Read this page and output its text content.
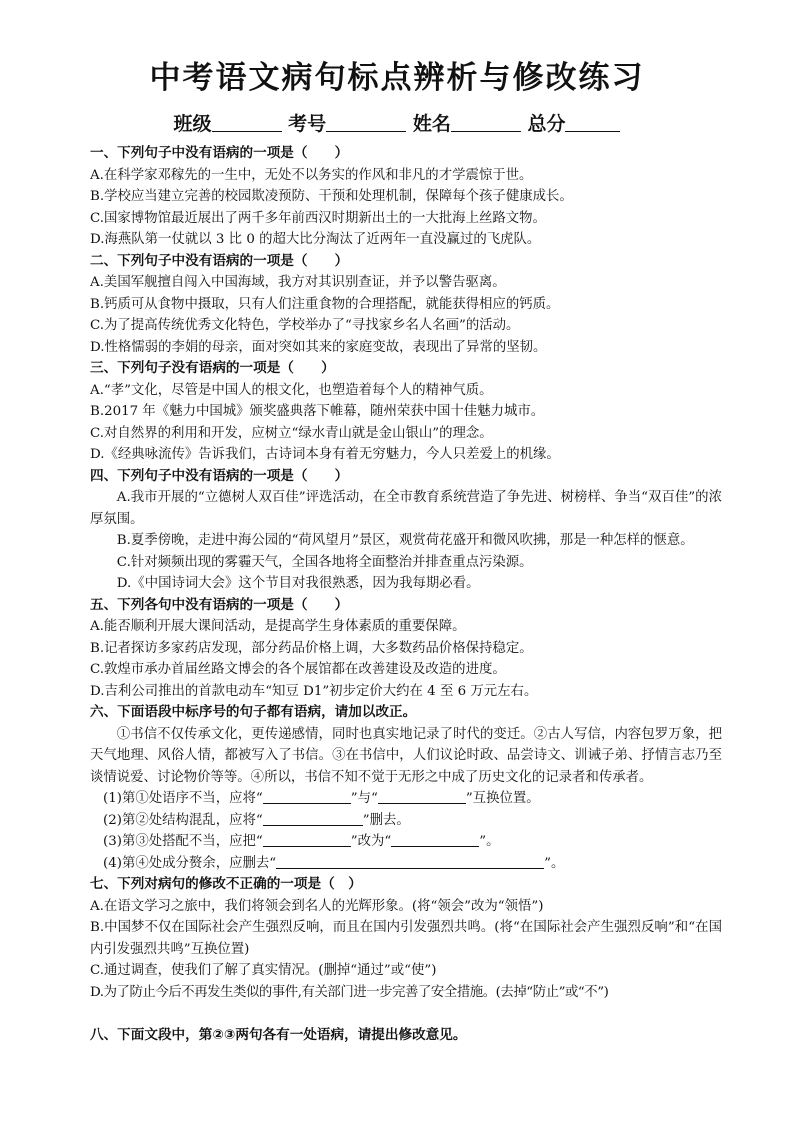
中考语文病句标点辨析与修改练习
班级	考号	姓名	总分
一、下列句子中没有语病的一项是（　　）
A.在科学家邓稼先的一生中，无处不以务实的作风和非凡的才学震惊于世。
B.学校应当建立完善的校园欺凌预防、干预和处理机制，保障每个孩子健康成长。
C.国家博物馆最近展出了两千多年前西汉时期新出土的一大批海上丝路文物。
D.海燕队第一仗就以 3 比 0 的超大比分淘汰了近两年一直没赢过的飞虎队。
二、下列句子中没有语病的一项是（　　）
A.美国军舰擅自闯入中国海域，我方对其识别查证，并予以警告驱离。
B.钙质可从食物中摄取，只有人们注重食物的合理搭配，就能获得相应的钙质。
C.为了提高传统优秀文化特色，学校举办了“寻找家乡名人名画”的活动。
D.性格懦弱的李娟的母亲，面对突如其来的家庭变故，表现出了异常的坚韧。
三、下列句子没有语病的一项是（　　）
A.“孝”文化，尽管是中国人的根文化，也塑造着每个人的精神气质。
B.2017 年《魅力中国城》颁奖盛典落下帷幕，随州荣获中国十佳魅力城市。
C.对自然界的利用和开发，应树立“绿水青山就是金山银山”的理念。
D.《经典咏流传》告诉我们，古诗词本身有着无穷魅力，今人只差爱上的机缘。
四、下列句子中没有语病的一项是（　　）
A.我市开展的“立德树人双百佳”评选活动，在全市教育系统营造了争先进、树榜样、争当“双百佳”的浓厚氛围。
B.夏季傍晚，走进中海公园的“荷风望月”景区，观赏荷花盛开和微风吹拂，那是一种怎样的惬意。
C.针对频频出现的雾霾天气，全国各地将全面整治并排查重点污染源。
D.《中国诗词大会》这个节目对我很熟悉，因为我每期必看。
五、下列各句中没有语病的一项是（　　）
A.能否顺利开展大课间活动，是提高学生身体素质的重要保障。
B.记者探访多家药店发现，部分药品价格上调，大多数药品价格保持稳定。
C.敦煌市承办首届丝路文博会的各个展馆都在改善建设及改造的进度。
D.吉利公司推出的首款电动车“知豆 D1”初步定价大约在 4 至 6 万元左右。
六、下面语段中标序号的句子都有语病，请加以改正。
①书信不仅传承文化，更传递感情，同时也真实地记录了时代的变迁。②古人写信，内容包罗万象，把天气地理、风俗人情，都被写入了书信。③在书信中，人们议论时政、品尝诗文、训诫子弟、抒情言志乃至谈情说爱、讨论物价等等。④所以，书信不知不觉于无形之中成了历史文化的记录者和传承者。
(1)第①处语序不当，应将“	”与“	”互换位置。
(2)第②处结构混乱，应将“	”删去。
(3)第③处搭配不当，应把“	”改为“	”。
(4)第④处成分赘余，应删去“	”。
七、下列对病句的修改不正确的一项是（　）
A.在语文学习之旅中，我们将领会到名人的光辉形象。(将“领会”改为“领悟”)
B.中国梦不仅在国际社会产生强烈反响，而且在国内引发强烈共鸣。(将“在国际社会产生强烈反响”和“在国内引发强烈共鸣”互换位置)
C.通过调查，使我们了解了真实情况。(删掉“通过”或“使”)
D.为了防止今后不再发生类似的事件,有关部门进一步完善了安全措施。(去掉“防止”或“不”)
八、下面文段中，第②③两句各有一处语病，请提出修改意见。
